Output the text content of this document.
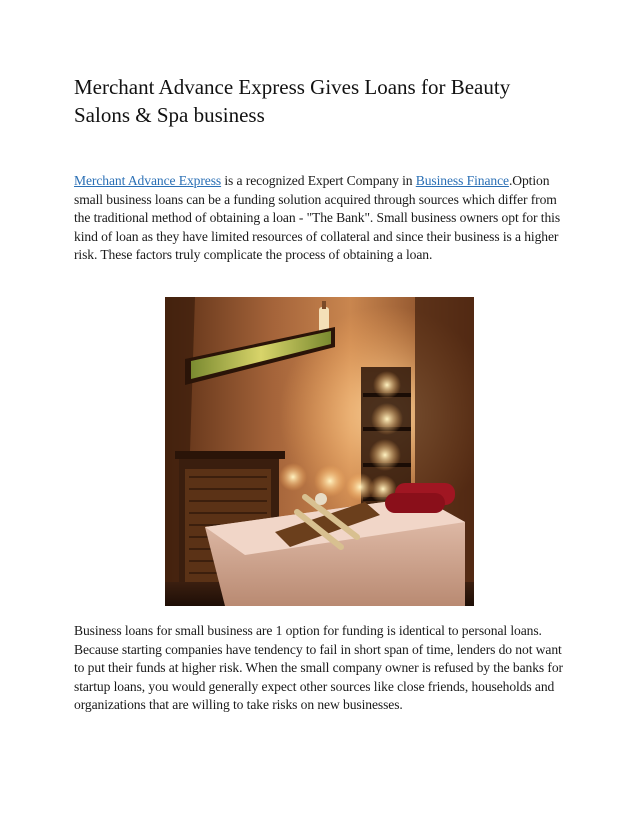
Merchant Advance Express Gives Loans for Beauty Salons & Spa business

Merchant Advance Express is a recognized Expert Company in Business Finance.Option small business loans can be a funding solution acquired through sources which differ from the traditional method of obtaining a loan - "The Bank". Small business owners opt for this kind of loan as they have limited resources of collateral and since their business is a higher risk. These factors truly complicate the process of obtaining a loan.

Business loans for small business are 1 option for funding is identical to personal loans. Because starting companies have tendency to fail in short span of time, lenders do not want to put their funds at higher risk. When the small company owner is refused by the banks for startup loans, you would generally expect other sources like close friends, households and organizations that are willing to take risks on new businesses.
